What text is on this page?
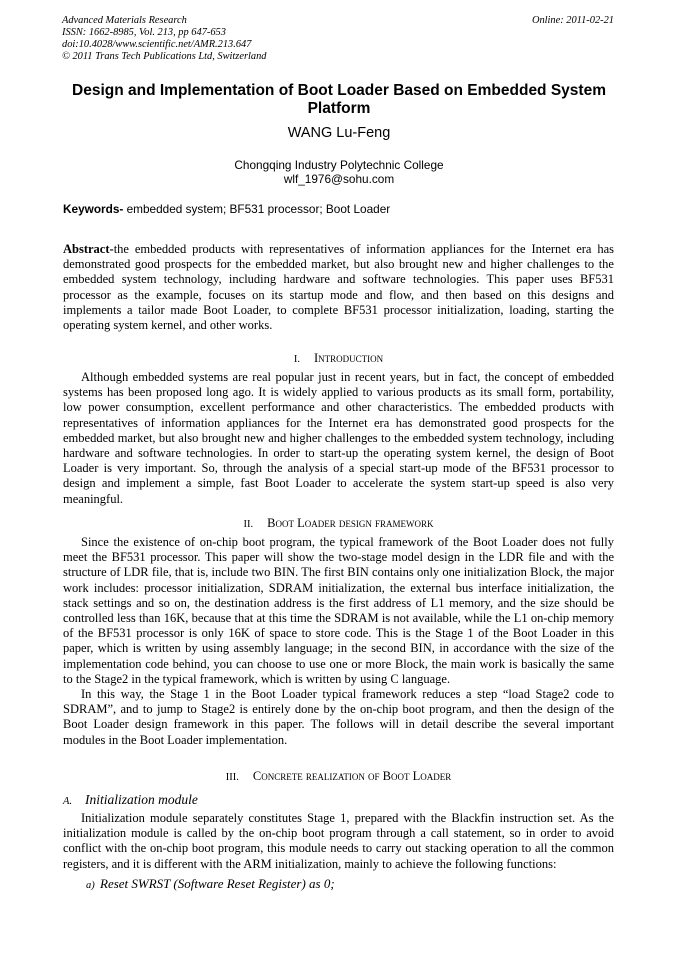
Advanced Materials Research
ISSN: 1662-8985, Vol. 213, pp 647-653
doi:10.4028/www.scientific.net/AMR.213.647
© 2011 Trans Tech Publications Ltd, Switzerland
Online: 2011-02-21
Design and Implementation of Boot Loader Based on Embedded System Platform
WANG Lu-Feng
Chongqing Industry Polytechnic College
wlf_1976@sohu.com
Keywords- embedded system; BF531 processor; Boot Loader

Abstract-the embedded products with representatives of information appliances for the Internet era has demonstrated good prospects for the embedded market, but also brought new and higher challenges to the embedded system technology, including hardware and software technologies. This paper uses BF531 processor as the example, focuses on its startup mode and flow, and then based on this designs and implements a tailor made Boot Loader, to complete BF531 processor initialization, loading, starting the operating system kernel, and other works.

I. Introduction

Although embedded systems are real popular just in recent years, but in fact, the concept of embedded systems has been proposed long ago. It is widely applied to various products as its small form, portability, low power consumption, excellent performance and other characteristics. The embedded products with representatives of information appliances for the Internet era has demonstrated good prospects for the embedded market, but also brought new and higher challenges to the embedded system technology, including hardware and software technologies. In order to start-up the operating system kernel, the design of Boot Loader is very important. So, through the analysis of a special start-up mode of the BF531 processor to design and implement a simple, fast Boot Loader to accelerate the system start-up speed is also very meaningful.

II. Boot Loader design framework

Since the existence of on-chip boot program, the typical framework of the Boot Loader does not fully meet the BF531 processor. This paper will show the two-stage model design in the LDR file and with the structure of LDR file, that is, include two BIN. The first BIN contains only one initialization Block, the major work includes: processor initialization, SDRAM initialization, the external bus interface initialization, the stack settings and so on, the destination address is the first address of L1 memory, and the size should be controlled less than 16K, because that at this time the SDRAM is not available, while the L1 on-chip memory of the BF531 processor is only 16K of space to store code. This is the Stage 1 of the Boot Loader in this paper, which is written by using assembly language; in the second BIN, in accordance with the size of the implementation code behind, you can choose to use one or more Block, the main work is basically the same to the Stage2 in the typical framework, which is written by using C language.

In this way, the Stage 1 in the Boot Loader typical framework reduces a step “load Stage2 code to SDRAM”, and to jump to Stage2 is entirely done by the on-chip boot program, and then the design of the Boot Loader design framework in this paper. The follows will in detail describe the several important modules in the Boot Loader implementation.

III. Concrete realization of Boot Loader
A. Initialization module

Initialization module separately constitutes Stage 1, prepared with the Blackfin instruction set. As the initialization module is called by the on-chip boot program through a call statement, so in order to avoid conflict with the on-chip boot program, this module needs to carry out stacking operation to all the common registers, and it is different with the ARM initialization, mainly to achieve the following functions:

a) Reset SWRST (Software Reset Register) as 0;
